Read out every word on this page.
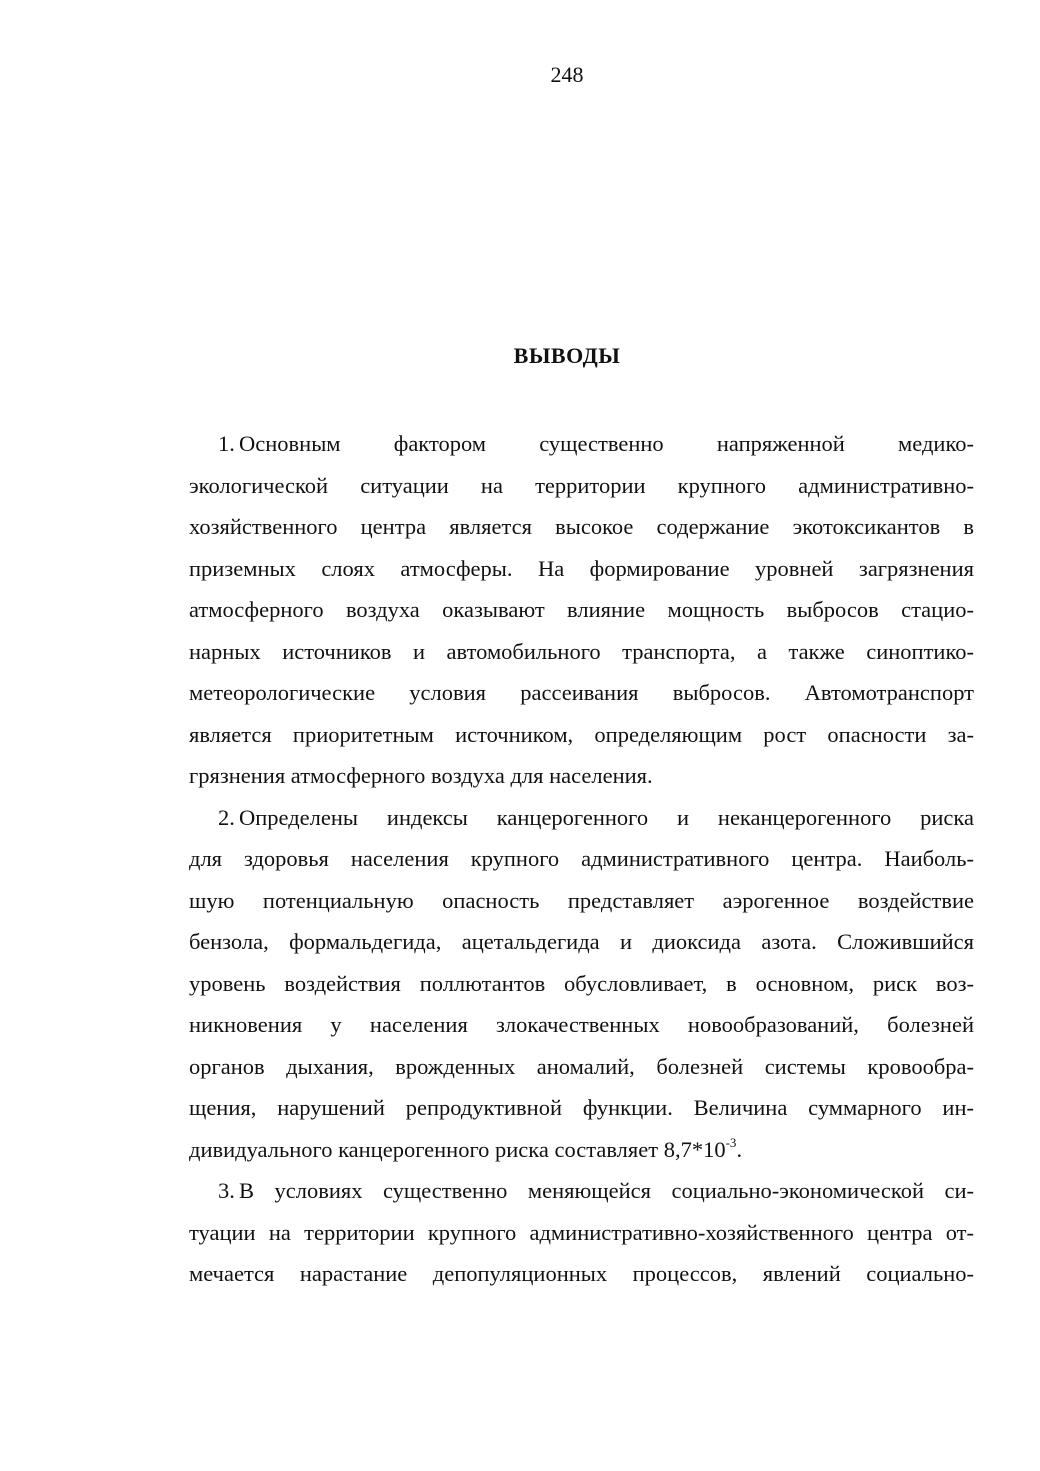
248
ВЫВОДЫ
1. Основным фактором существенно напряженной медико-
экологической ситуации на территории крупного административно-
хозяйственного центра является высокое содержание экотоксикантов в
приземных слоях атмосферы. На формирование уровней загрязнения
атмосферного воздуха оказывают влияние мощность выбросов стацио-
нарных источников и автомобильного транспорта, а также синоптико-
метеорологические условия рассеивания выбросов. Автомотранспорт
является приоритетным источником, определяющим рост опасности за-
грязнения атмосферного воздуха для населения.
2. Определены индексы канцерогенного и неканцерогенного риска
для здоровья населения крупного административного центра. Наиболь-
шую потенциальную опасность представляет аэрогенное воздействие
бензола, формальдегида, ацетальдегида и диоксида азота. Сложившийся
уровень воздействия поллютантов обусловливает, в основном, риск воз-
никновения у населения злокачественных новообразований, болезней
органов дыхания, врожденных аномалий, болезней системы кровообра-
щения, нарушений репродуктивной функции. Величина суммарного ин-
дивидуального канцерогенного риска составляет $8,7*10^{-3}$.
3. В условиях существенно меняющейся социально-экономической си-
туации на территории крупного административно-хозяйственного центра от-
мечается нарастание депопуляционных процессов, явлений социально-
